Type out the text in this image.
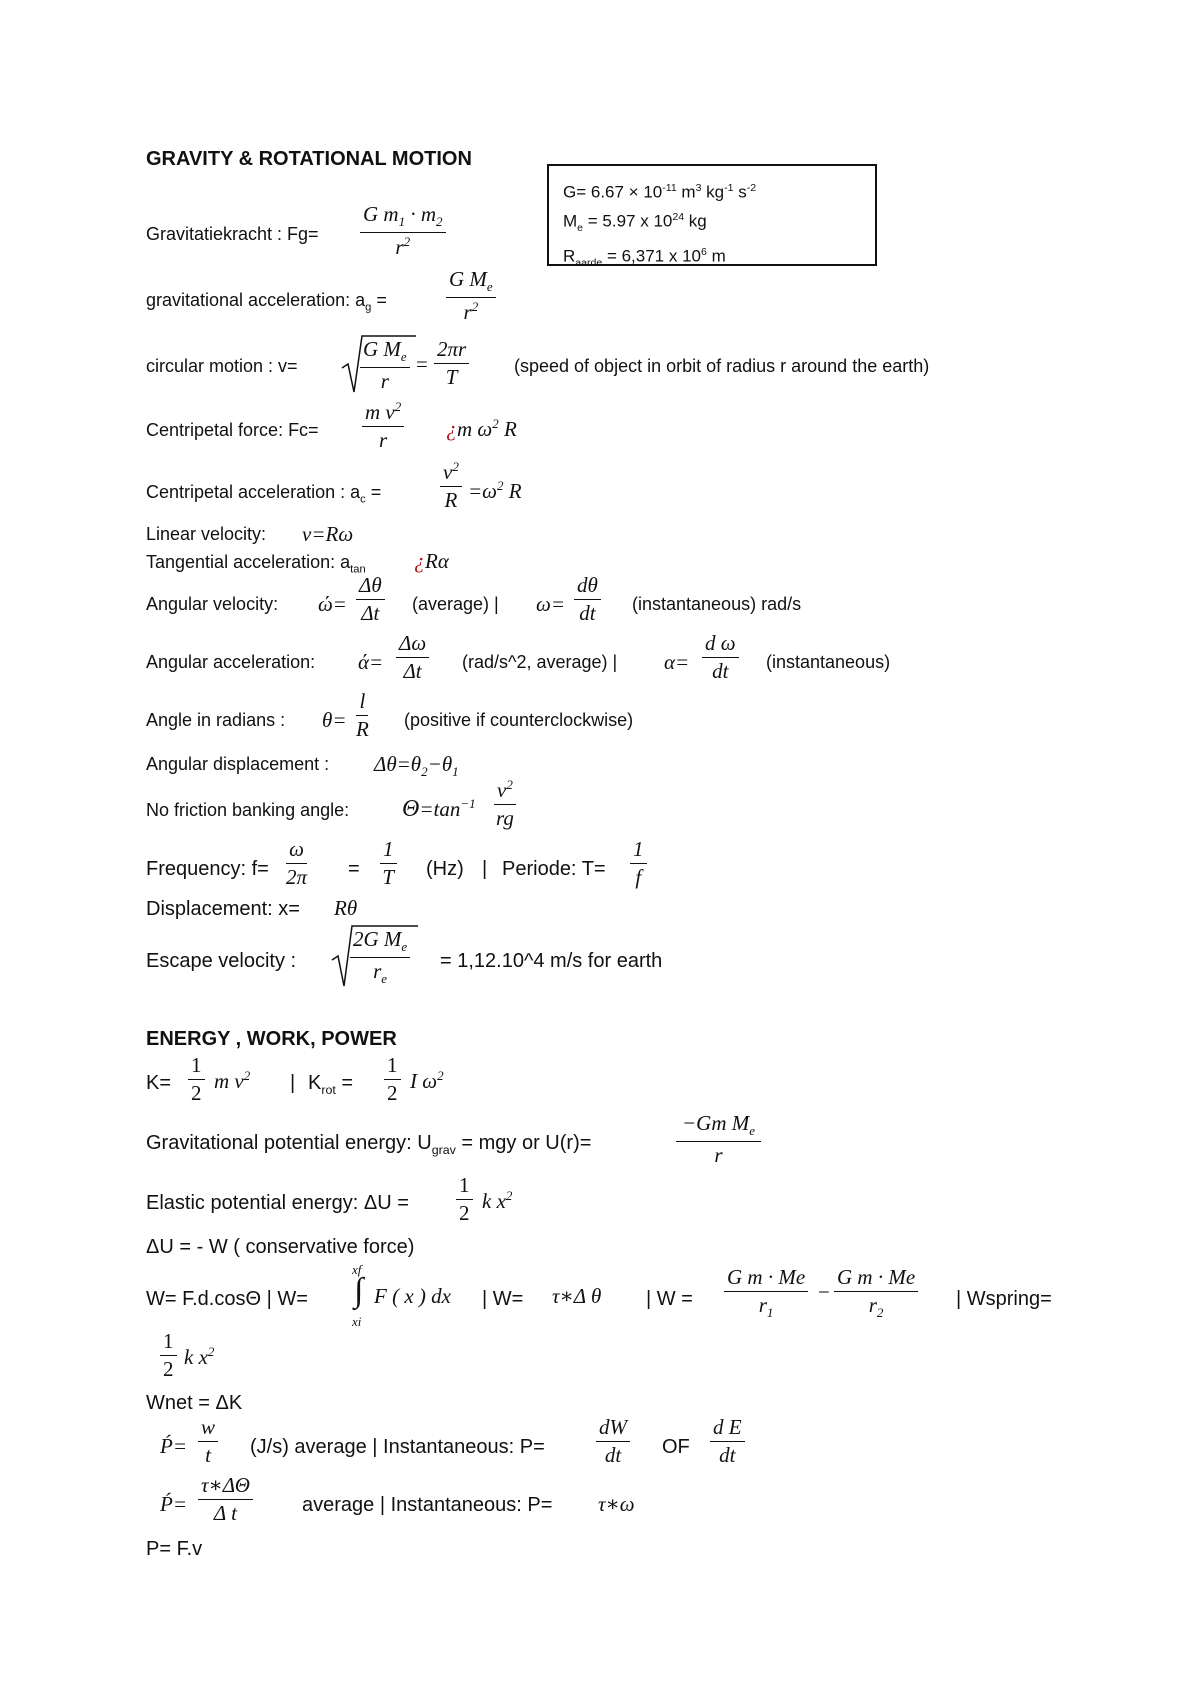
GRAVITY & ROTATIONAL MOTION
$G= 6.67 \times 10^{-11}$ $m^3$ $kg^{-1}$ $s^{-2}$
$M_e = 5.97$ x $10^{24}$ kg
$R_{aarde} = 6,371$ x $10^6$ m
Gravitatiekracht : $Fg= \frac{G m_1 \cdot m_2}{r^2}$
gravitational acceleration: $a_g$ =	$\frac{G M_e}{r^2}$
circular motion : v=	$\frac{G M_e}{r} = \frac{2\pi r}{T}$ (speed of object in orbit of radius r around the earth)
Centripetal force: $Fc= \frac{m v^2}{r}$ ¿m $\omega^2$ R
Centripetal acceleration : $a_c$ =	$\frac{v^2}{R} =\omega^2$ R
Linear velocity: v=Rω
Tangential acceleration: $a_{tan}$ ¿Rα
Angular velocity: $ώ= \frac{\Delta\theta}{\Delta t}$ (average) | $\omega= \frac{d\theta}{dt}$ (instantaneous) rad/s
Angular acceleration: $ά= \frac{\Delta\omega}{\Delta t}$ (rad/s^2, average) | $\alpha= \frac{\text{d ω}}{dt}$ (instantaneous)
Angle in radians : $\theta= \frac{l}{R}$ (positive if counterclockwise)
Angular displacement : $\Delta\theta=\theta_2-\theta_1$
No friction banking angle: $\Theta=\tan^{-1} \frac{v^2}{rg}$
Frequency: $f= \frac{\omega}{2\pi} = \frac{1}{T} (Hz)$ | Periode: $T= \frac{1}{f}$
Displacement: x= Rθ
Escape velocity :	$\frac{2G M_e}{r_e}$ = 1,12.10^4 m/s for earth
ENERGY , WORK, POWER
$K= \frac{1}{2}$ m $v^2$ | $K_{rot} = \frac{1}{2}$ I $\omega^2$
Gravitational potential energy: $U_{grav}$ = mgy or U(r)=	$\frac{-Gm M_e}{r}$
Elastic potential energy: $\Delta U = \frac{1}{2}$ k $x^2$
ΔU = - W ( conservative force)
W= F.d.cosΘ | W=
xf
∫
xi
F ( x ) dx | W= τ∗Δ θ | $W = \frac{\text{G m · Me}}{r_1} - \frac{\text{G m · Me}}{r_2}$ | Wspring=
$\frac{1}{2}$ k $x^2$
Wnet = ΔK
Ṕ= $\frac{w}{t} (J/s)$ average | Instantaneous: $P= \frac{dW}{dt}$ OF $\frac{\text{d E}}{dt}$
Ṕ= $\frac{\tau∗\Delta\Theta}{\text{Δ t}}$ average | Instantaneous: P= τ∗ω
P= F.v
